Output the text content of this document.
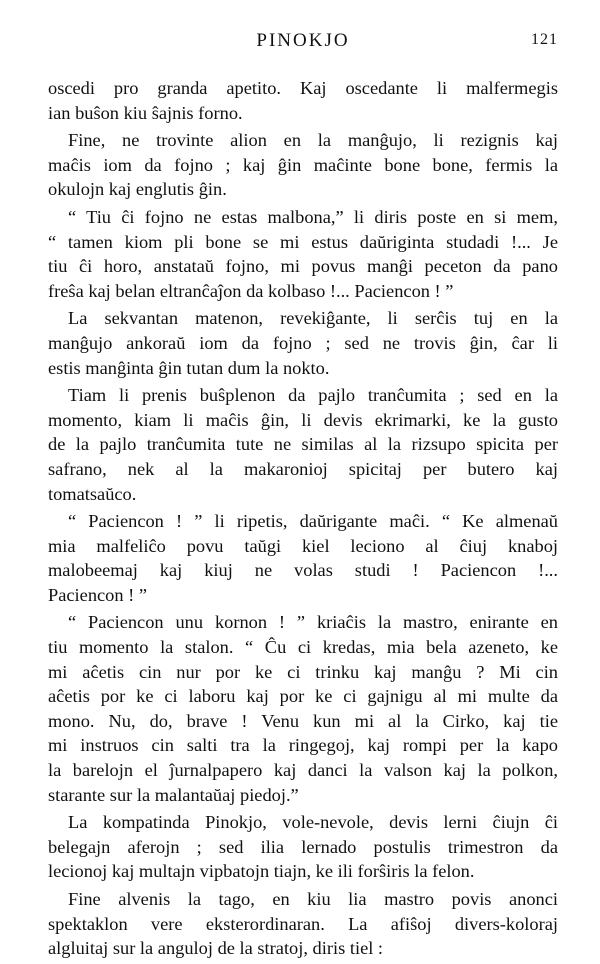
PINOKJO	121
oscedi pro granda apetito. Kaj oscedante li malfermegis
ian buŝon kiu ŝajnis forno.
Fine, ne trovinte alion en la manĝujo, li rezignis kaj
maĉis iom da fojno ; kaj ĝin maĉinte bone bone, fermis la
okulojn kaj englutis ĝin.
“ Tiu ĉi fojno ne estas malbona,” li diris poste en si mem,
“ tamen kiom pli bone se mi estus daŭriginta studadi !... Je
tiu ĉi horo, anstataŭ fojno, mi povus manĝi peceton da pano
freŝa kaj belan eltranĉaĵon da kolbaso !... Paciencon ! ”
La sekvantan matenon, revekiĝante, li serĉis tuj en la
manĝujo ankoraŭ iom da fojno ; sed ne trovis ĝin, ĉar li
estis manĝinta ĝin tutan dum la nokto.
Tiam li prenis buŝplenon da pajlo tranĉumita ; sed en la
momento, kiam li maĉis ĝin, li devis ekrimarki, ke la gusto
de la pajlo tranĉumita tute ne similas al la rizsupo spicita per
safrano, nek al la makaronioj spicitaj per butero kaj
tomatsaŭco.
“ Paciencon ! ” li ripetis, daŭrigante maĉi. “ Ke almenaŭ
mia malfeliĉo povu taŭgi kiel leciono al ĉiuj knaboj
malobeemaj kaj kiuj ne volas studi ! Paciencon !...
Paciencon ! ”
“ Paciencon unu kornon ! ” kriaĉis la mastro, enirante en
tiu momento la stalon. “ Ĉu ci kredas, mia bela azeneto, ke
mi aĉetis cin nur por ke ci trinku kaj manĝu ? Mi cin
aĉetis por ke ci laboru kaj por ke ci gajnigu al mi multe da
mono. Nu, do, brave ! Venu kun mi al la Cirko, kaj tie
mi instruos cin salti tra la ringegoj, kaj rompi per la kapo
la barelojn el ĵurnalpapero kaj danci la valson kaj la polkon,
starante sur la malantaŭaj piedoj.”
La kompatinda Pinokjo, vole-nevole, devis lerni ĉiujn ĉi
belegajn aferojn ; sed ilia lernado postulis trimestron da
lecionoj kaj multajn vipbatojn tiajn, ke ili forŝiris la felon.
Fine alvenis la tago, en kiu lia mastro povis anonci
spektaklon vere eksterordinaran. La afiŝoj divers-koloraj
algluitaj sur la anguloj de la stratoj, diris tiel :
